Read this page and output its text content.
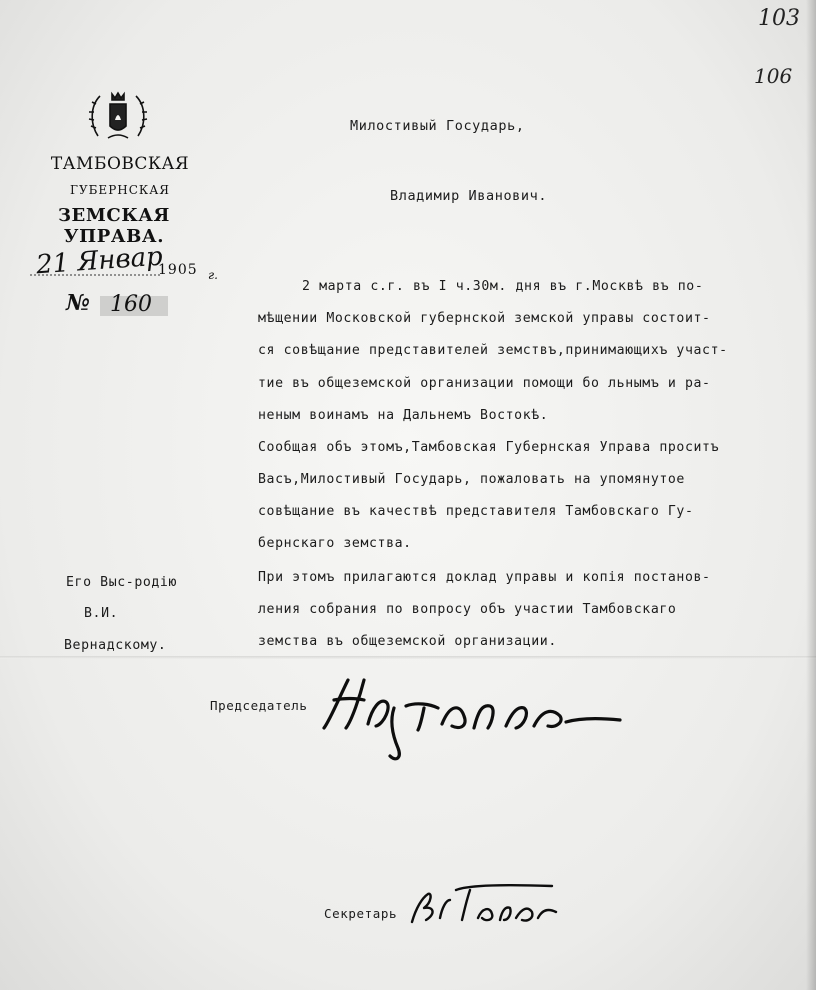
103
106
ТАМБОВСКАЯ
ГУБЕРНСКАЯ
ЗЕМСКАЯ УПРАВА.
21 Январ
1905 г.
№ 160
Милостивый Государь,
Владимир Иванович.
2 марта с.г. въ I ч.30м. дня въ г.Москвѣ въ по-
мѣщении Московской губернской земской управы состоит-
ся совѣщание представителей земствъ,принимающихъ участ-
тие въ общеземской организации помощи бо льнымъ и ра-
неным воинамъ на Дальнемъ Востокѣ.
Сообщая объ этомъ,Тамбовская Губернская Управа проситъ
Васъ,Милостивый Государь, пожаловать на упомянутое
совѣщание въ качествѣ представителя Тамбовскаго Гу-
бернскаго земства.
При этомъ прилагаются доклад управы и копія постанов-
ления собрания по вопросу объ участии Тамбовскаго
земства въ общеземской организации.
Его Выс-родію
В.И.
Вернадскому.
Председатель
Секретарь
